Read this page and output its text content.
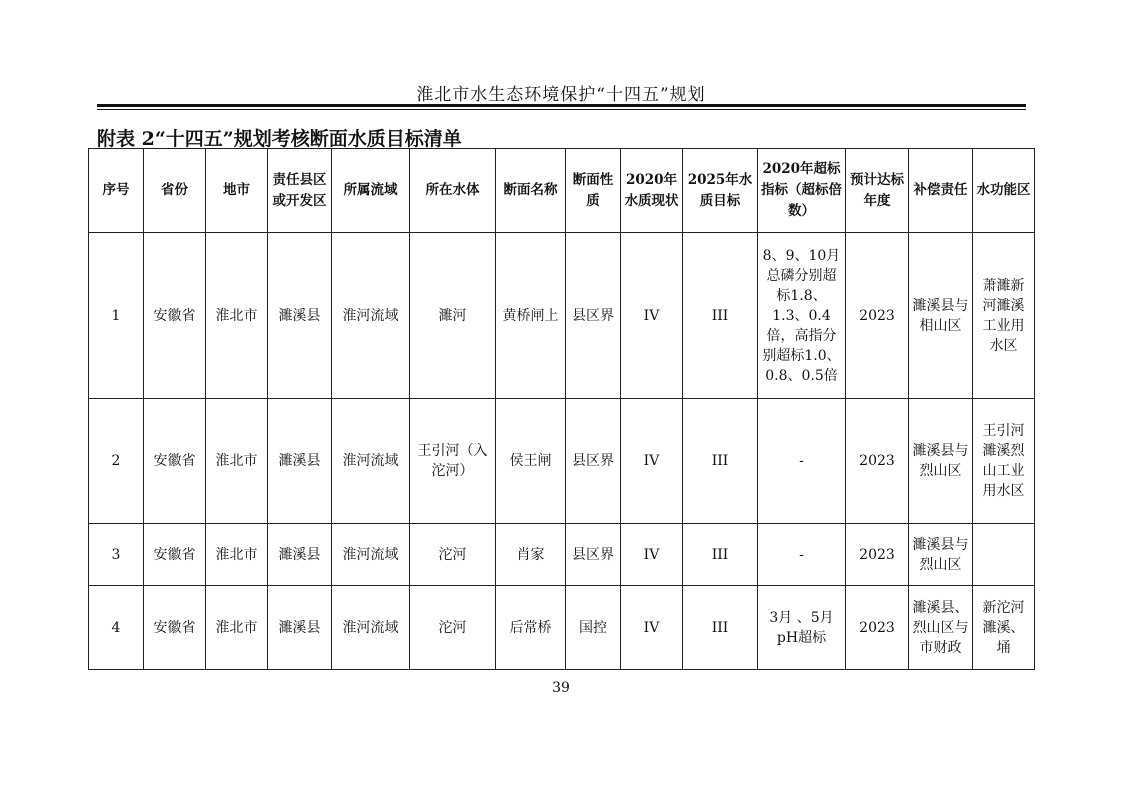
淮北市水生态环境保护“十四五”规划
附表 2“十四五”规划考核断面水质目标清单
序号	省份	地市	责任县区或开发区	所属流域	所在水体	断面名称	断面性质	2020年水质现状	2025年水质目标	2020年超标指标（超标倍数）	预计达标年度	补偿责任	水功能区
1	安徽省	淮北市	濉溪县	淮河流域	濉河	黄桥闸上	县区界	IV	III	8、9、10月总磷分别超标1.8、1.3、0.4倍，高指分别超标1.0、0.8、0.5倍	2023	濉溪县与相山区	萧濉新河濉溪工业用水区
2	安徽省	淮北市	濉溪县	淮河流域	王引河（入沱河）	侯王闸	县区界	IV	III	-	2023	濉溪县与烈山区	王引河濉溪烈山工业用水区
3	安徽省	淮北市	濉溪县	淮河流域	沱河	肖家	县区界	IV	III	-	2023	濉溪县与烈山区	
4	安徽省	淮北市	濉溪县	淮河流域	沱河	后常桥	国控	IV	III	3月 、5月pH超标	2023	濉溪县、烈山区与市财政	新沱河濉溪、埇
39
